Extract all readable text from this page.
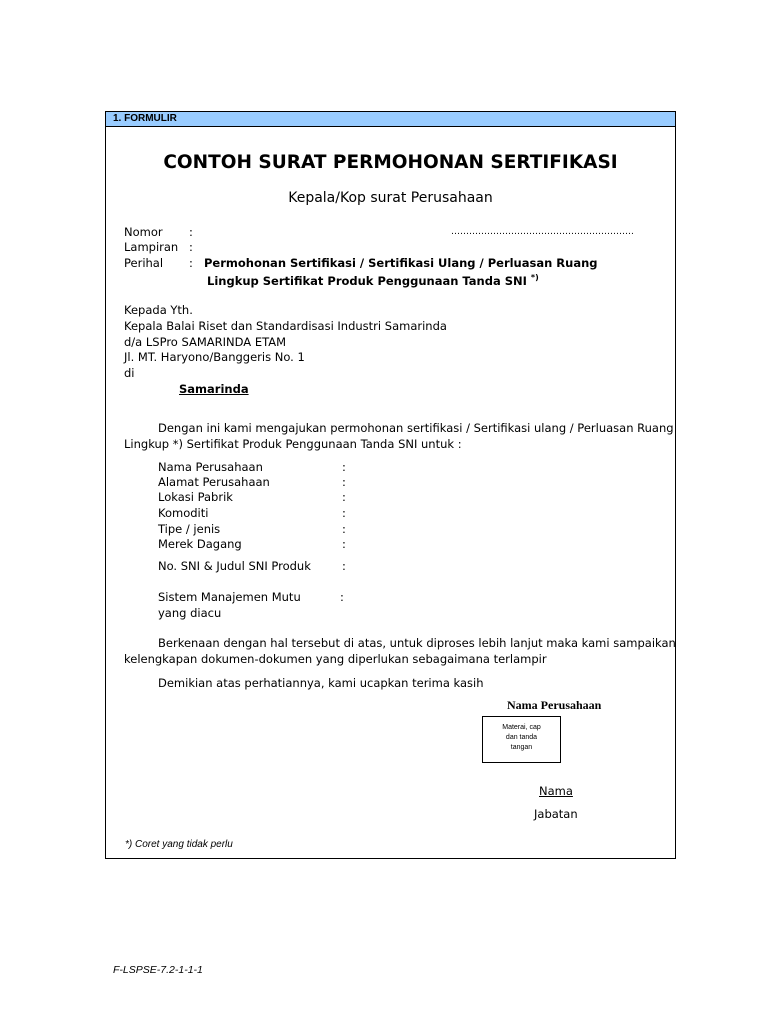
1. FORMULIR
CONTOH SURAT PERMOHONAN SERTIFIKASI
Kepala/Kop surat Perusahaan
Nomor :	…………………………………………………….
Lampiran :
Perihal : Permohonan Sertifikasi / Sertifikasi Ulang / Perluasan Ruang
Lingkup Sertifikat Produk Penggunaan Tanda SNI *)
Kepada Yth.
Kepala Balai Riset dan Standardisasi Industri Samarinda
d/a LSPro SAMARINDA ETAM
Jl. MT. Haryono/Banggeris No. 1
di
Samarinda
Dengan ini kami mengajukan permohonan sertifikasi / Sertifikasi ulang / Perluasan Ruang
Lingkup *) Sertifikat Produk Penggunaan Tanda SNI untuk :
Nama Perusahaan	:
Alamat Perusahaan	:
Lokasi Pabrik	:
Komoditi	:
Tipe / jenis	:
Merek Dagang	:
No. SNI & Judul SNI Produk	:
Sistem Manajemen Mutu	:
yang diacu
Berkenaan dengan hal tersebut di atas, untuk diproses lebih lanjut maka kami sampaikan
kelengkapan dokumen-dokumen yang diperlukan sebagaimana terlampir
Demikian atas perhatiannya, kami ucapkan terima kasih
Nama Perusahaan
Materai, cap
dan tanda
tangan
Nama
Jabatan
*) Coret yang tidak perlu
F-LSPSE-7.2-1-1-1
